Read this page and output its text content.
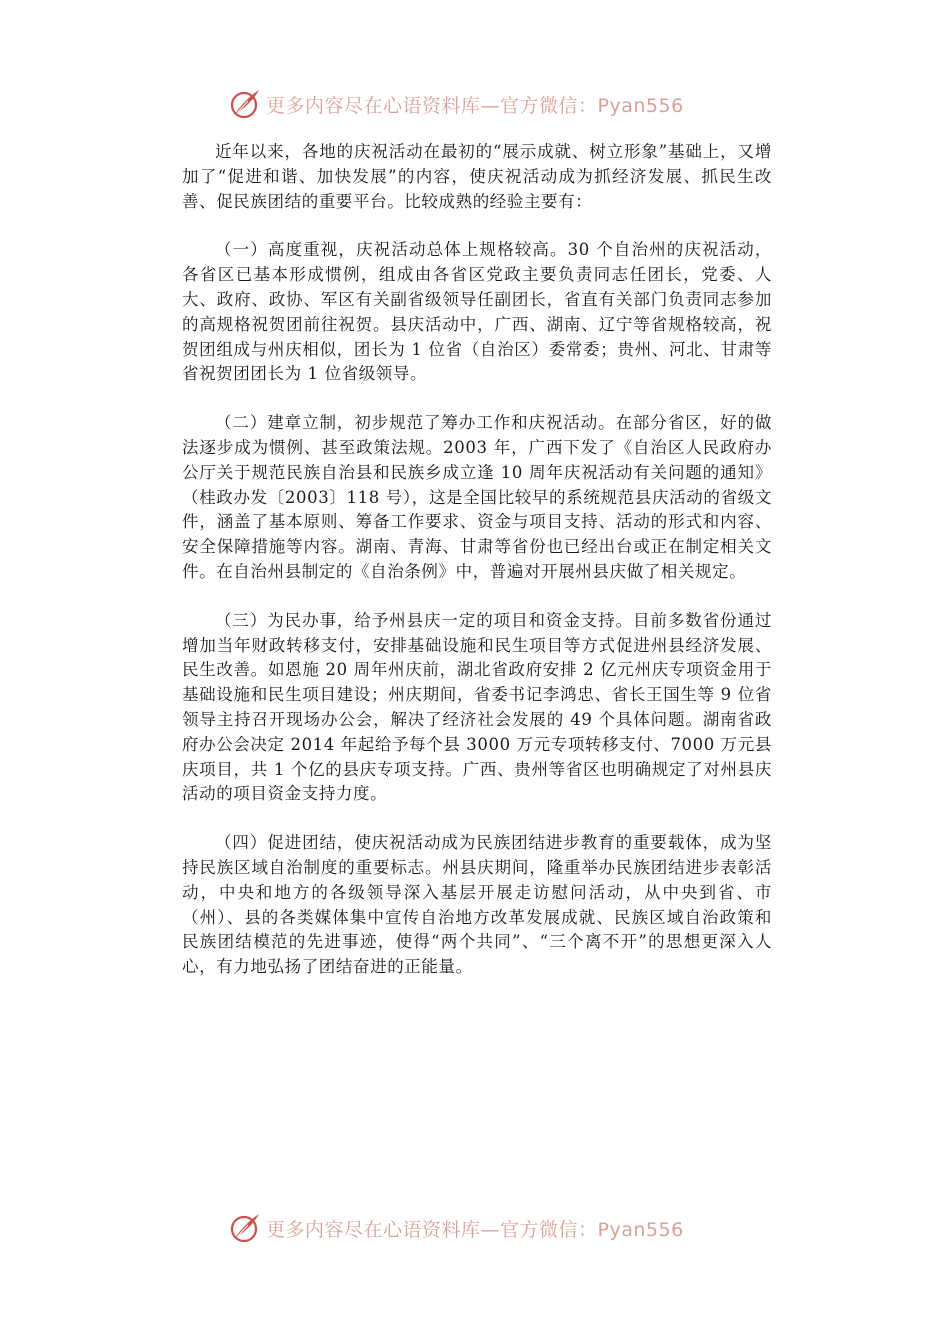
更多内容尽在心语资料库—官方微信：Pyan556

近年以来，各地的庆祝活动在最初的“展示成就、树立形象”基础上，又增加了“促进和谐、加快发展”的内容，使庆祝活动成为抓经济发展、抓民生改善、促民族团结的重要平台。比较成熟的经验主要有：

（一）高度重视，庆祝活动总体上规格较高。30 个自治州的庆祝活动，各省区已基本形成惯例，组成由各省区党政主要负责同志任团长，党委、人大、政府、政协、军区有关副省级领导任副团长，省直有关部门负责同志参加的高规格祝贺团前往祝贺。县庆活动中，广西、湖南、辽宁等省规格较高，祝贺团组成与州庆相似，团长为 1 位省（自治区）委常委；贵州、河北、甘肃等省祝贺团团长为 1 位省级领导。

（二）建章立制，初步规范了筹办工作和庆祝活动。在部分省区，好的做法逐步成为惯例、甚至政策法规。2003 年，广西下发了《自治区人民政府办公厅关于规范民族自治县和民族乡成立逢 10 周年庆祝活动有关问题的通知》（桂政办发〔2003〕118 号），这是全国比较早的系统规范县庆活动的省级文件，涵盖了基本原则、筹备工作要求、资金与项目支持、活动的形式和内容、安全保障措施等内容。湖南、青海、甘肃等省份也已经出台或正在制定相关文件。在自治州县制定的《自治条例》中，普遍对开展州县庆做了相关规定。

（三）为民办事，给予州县庆一定的项目和资金支持。目前多数省份通过增加当年财政转移支付，安排基础设施和民生项目等方式促进州县经济发展、民生改善。如恩施 20 周年州庆前，湖北省政府安排 2 亿元州庆专项资金用于基础设施和民生项目建设；州庆期间，省委书记李鸿忠、省长王国生等 9 位省领导主持召开现场办公会，解决了经济社会发展的 49 个具体问题。湖南省政府办公会决定 2014 年起给予每个县 3000 万元专项转移支付、7000 万元县庆项目，共 1 个亿的县庆专项支持。广西、贵州等省区也明确规定了对州县庆活动的项目资金支持力度。

（四）促进团结，使庆祝活动成为民族团结进步教育的重要载体，成为坚持民族区域自治制度的重要标志。州县庆期间，隆重举办民族团结进步表彰活动，中央和地方的各级领导深入基层开展走访慰问活动，从中央到省、市（州）、县的各类媒体集中宣传自治地方改革发展成就、民族区域自治政策和民族团结模范的先进事迹，使得“两个共同”、“三个离不开”的思想更深入人心，有力地弘扬了团结奋进的正能量。

更多内容尽在心语资料库—官方微信：Pyan556
